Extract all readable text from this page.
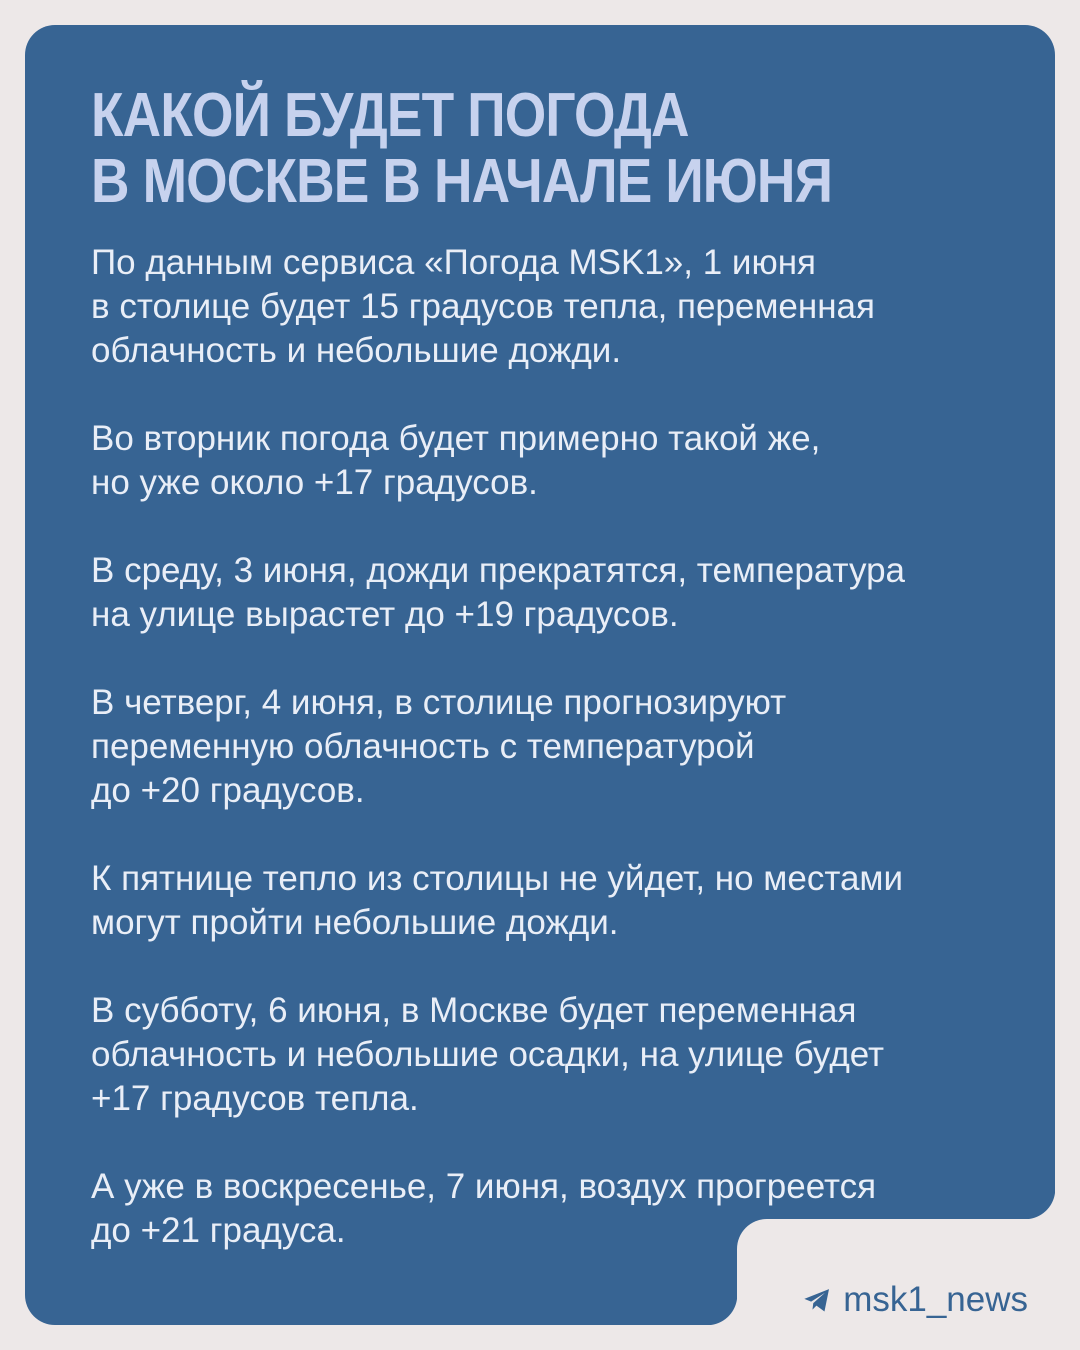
КАКОЙ БУДЕТ ПОГОДА
В МОСКВЕ В НАЧАЛЕ ИЮНЯ

По данным сервиса «Погода MSK1», 1 июня
в столице будет 15 градусов тепла, переменная
облачность и небольшие дожди.

Во вторник погода будет примерно такой же,
но уже около +17 градусов.

В среду, 3 июня, дожди прекратятся, температура
на улице вырастет до +19 градусов.

В четверг, 4 июня, в столице прогнозируют
переменную облачность с температурой
до +20 градусов.

К пятнице тепло из столицы не уйдет, но местами
могут пройти небольшие дожди.

В субботу, 6 июня, в Москве будет переменная
облачность и небольшие осадки, на улице будет
+17 градусов тепла.

А уже в воскресенье, 7 июня, воздух прогреется
до +21 градуса.

msk1_news
